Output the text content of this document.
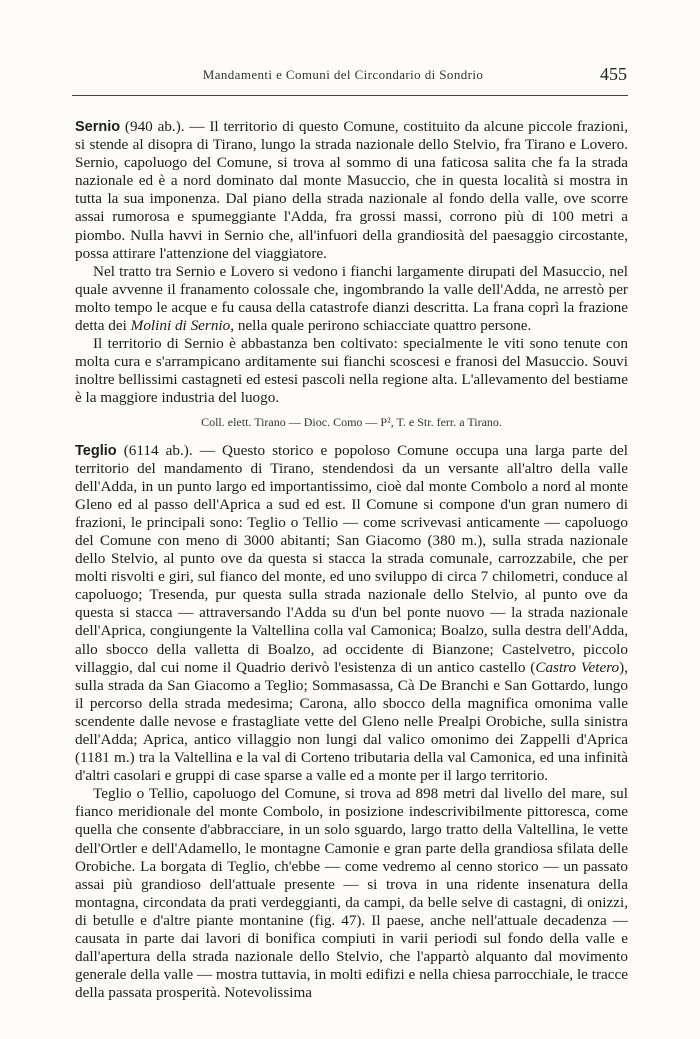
Mandamenti e Comuni del Circondario di Sondrio	455

Sernio (940 ab.). — Il territorio di questo Comune, costituito da alcune piccole frazioni, si stende al disopra di Tirano, lungo la strada nazionale dello Stelvio, fra Tirano e Lovero. Sernio, capoluogo del Comune, si trova al sommo di una faticosa salita che fa la strada nazionale ed è a nord dominato dal monte Masuccio, che in questa località si mostra in tutta la sua imponenza. Dal piano della strada nazionale al fondo della valle, ove scorre assai rumorosa e spumeggiante l'Adda, fra grossi massi, corrono più di 100 metri a piombo. Nulla havvi in Sernio che, all'infuori della grandiosità del paesaggio circostante, possa attirare l'attenzione del viaggiatore.

Nel tratto tra Sernio e Lovero si vedono i fianchi largamente dirupati del Masuccio, nel quale avvenne il franamento colossale che, ingombrando la valle dell'Adda, ne arrestò per molto tempo le acque e fu causa della catastrofe dianzi descritta. La frana coprì la frazione detta dei Molini di Sernio, nella quale perirono schiacciate quattro persone.

Il territorio di Sernio è abbastanza ben coltivato: specialmente le viti sono tenute con molta cura e s'arrampicano arditamente sui fianchi scoscesi e franosi del Masuccio. Souvi inoltre bellissimi castagneti ed estesi pascoli nella regione alta. L'allevamento del bestiame è la maggiore industria del luogo.

Coll. elett. Tirano — Dioc. Como — P², T. e Str. ferr. a Tirano.

Teglio (6114 ab.). — Questo storico e popoloso Comune occupa una larga parte del territorio del mandamento di Tirano, stendendosi da un versante all'altro della valle dell'Adda, in un punto largo ed importantissimo, cioè dal monte Combolo a nord al monte Gleno ed al passo dell'Aprica a sud ed est. Il Comune si compone d'un gran numero di frazioni, le principali sono: Teglio o Tellio — come scrivevasi anticamente — capoluogo del Comune con meno di 3000 abitanti; San Giacomo (380 m.), sulla strada nazionale dello Stelvio, al punto ove da questa si stacca la strada comunale, carrozzabile, che per molti risvolti e giri, sul fianco del monte, ed uno sviluppo di circa 7 chilometri, conduce al capoluogo; Tresenda, pur questa sulla strada nazionale dello Stelvio, al punto ove da questa si stacca — attraversando l'Adda su d'un bel ponte nuovo — la strada nazionale dell'Aprica, congiungente la Valtellina colla val Camonica; Boalzo, sulla destra dell'Adda, allo sbocco della valletta di Boalzo, ad occidente di Bianzone; Castelvetro, piccolo villaggio, dal cui nome il Quadrio derivò l'esistenza di un antico castello (Castro Vetero), sulla strada da San Giacomo a Teglio; Sommasassa, Cà De Branchi e San Gottardo, lungo il percorso della strada medesima; Carona, allo sbocco della magnifica omonima valle scendente dalle nevose e frastagliate vette del Gleno nelle Prealpi Orobiche, sulla sinistra dell'Adda; Aprica, antico villaggio non lungi dal valico omonimo dei Zappelli d'Aprica (1181 m.) tra la Valtellina e la val di Corteno tributaria della val Camonica, ed una infinità d'altri casolari e gruppi di case sparse a valle ed a monte per il largo territorio.

Teglio o Tellio, capoluogo del Comune, si trova ad 898 metri dal livello del mare, sul fianco meridionale del monte Combolo, in posizione indescrivibilmente pittoresca, come quella che consente d'abbracciare, in un solo sguardo, largo tratto della Valtellina, le vette dell'Ortler e dell'Adamello, le montagne Camonie e gran parte della grandiosa sfilata delle Orobiche. La borgata di Teglio, ch'ebbe — come vedremo al cenno storico — un passato assai più grandioso dell'attuale presente — si trova in una ridente insenatura della montagna, circondata da prati verdeggianti, da campi, da belle selve di castagni, di onizzi, di betulle e d'altre piante montanine (fig. 47). Il paese, anche nell'attuale decadenza — causata in parte dai lavori di bonifica compiuti in varii periodi sul fondo della valle e dall'apertura della strada nazionale dello Stelvio, che l'appartò alquanto dal movimento generale della valle — mostra tuttavia, in molti edifizi e nella chiesa parrocchiale, le tracce della passata prosperità. Notevolissima
